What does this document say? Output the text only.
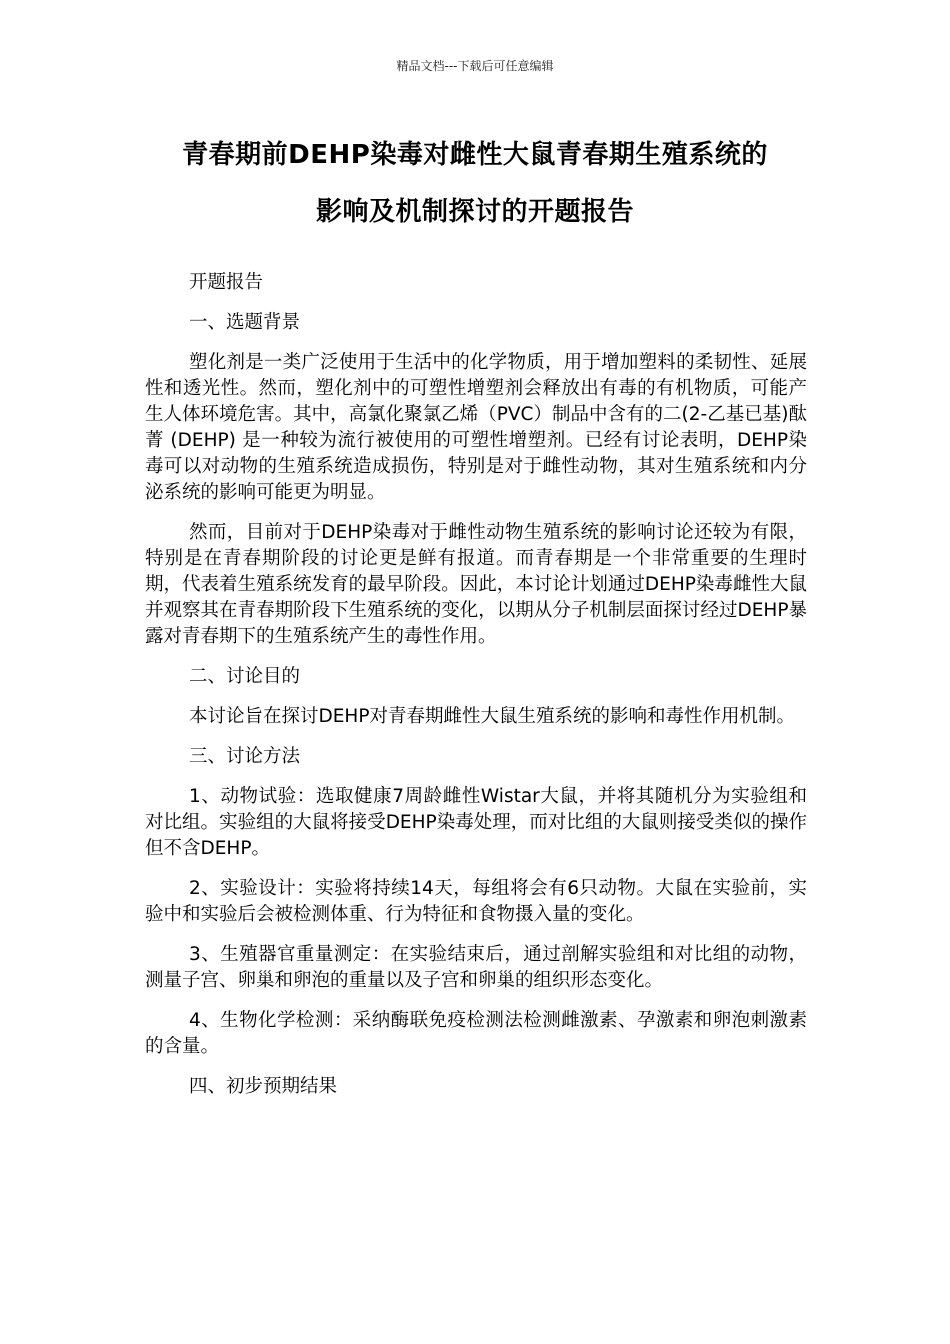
精品文档---下载后可任意编辑
青春期前DEHP染毒对雌性大鼠青春期生殖系统的
影响及机制探讨的开题报告

开题报告

一、选题背景

塑化剂是一类广泛使用于生活中的化学物质，用于增加塑料的柔韧性、延展性和透光性。然而，塑化剂中的可塑性增塑剂会释放出有毒的有机物质，可能产生人体环境危害。其中，高氯化聚氯乙烯（PVC）制品中含有的二(2-乙基已基)酞菁 (DEHP) 是一种较为流行被使用的可塑性增塑剂。已经有讨论表明，DEHP染毒可以对动物的生殖系统造成损伤，特别是对于雌性动物，其对生殖系统和内分泌系统的影响可能更为明显。

然而，目前对于DEHP染毒对于雌性动物生殖系统的影响讨论还较为有限，特别是在青春期阶段的讨论更是鲜有报道。而青春期是一个非常重要的生理时期，代表着生殖系统发育的最早阶段。因此，本讨论计划通过DEHP染毒雌性大鼠并观察其在青春期阶段下生殖系统的变化，以期从分子机制层面探讨经过DEHP暴露对青春期下的生殖系统产生的毒性作用。

二、讨论目的

本讨论旨在探讨DEHP对青春期雌性大鼠生殖系统的影响和毒性作用机制。

三、讨论方法

1、动物试验：选取健康7周龄雌性Wistar大鼠，并将其随机分为实验组和对比组。实验组的大鼠将接受DEHP染毒处理，而对比组的大鼠则接受类似的操作但不含DEHP。

2、实验设计：实验将持续14天，每组将会有6只动物。大鼠在实验前，实验中和实验后会被检测体重、行为特征和食物摄入量的变化。

3、生殖器官重量测定：在实验结束后，通过剖解实验组和对比组的动物，测量子宫、卵巢和卵泡的重量以及子宫和卵巢的组织形态变化。

4、生物化学检测：采纳酶联免疫检测法检测雌激素、孕激素和卵泡刺激素的含量。

四、初步预期结果
